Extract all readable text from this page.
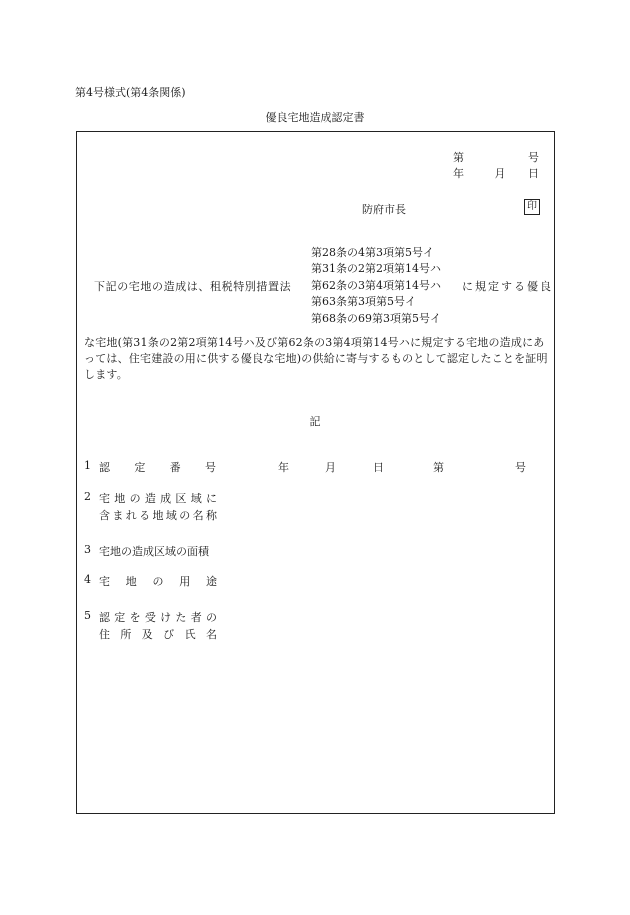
第4号様式(第4条関係)
優良宅地造成認定書
第	号
年	月 日
防府市長	印
下記の宅地の造成は、租税特別措置法
第28条の4第3項第5号イ
第31条の2第2項第14号ハ
第62条の3第4項第14号ハ
第63条第3項第5号イ
第68条の69第3項第5号イ
に規定する優良
な宅地(第31条の2第2項第14号ハ及び第62条の3第4項第14号ハに規定する宅地の造成にあっては、住宅建設の用に供する優良な宅地)の供給に寄与するものとして認定したことを証明します。
記
1 認 定 番 号	年	月	日	第	号
2 宅 地 の 造 成 区 域 に
含 ま れ る 地 域 の 名 称
3 宅地の造成区域の面積
4 宅 地 の 用 途
5 認 定 を 受 け た 者 の
住 所 及 び 氏 名
